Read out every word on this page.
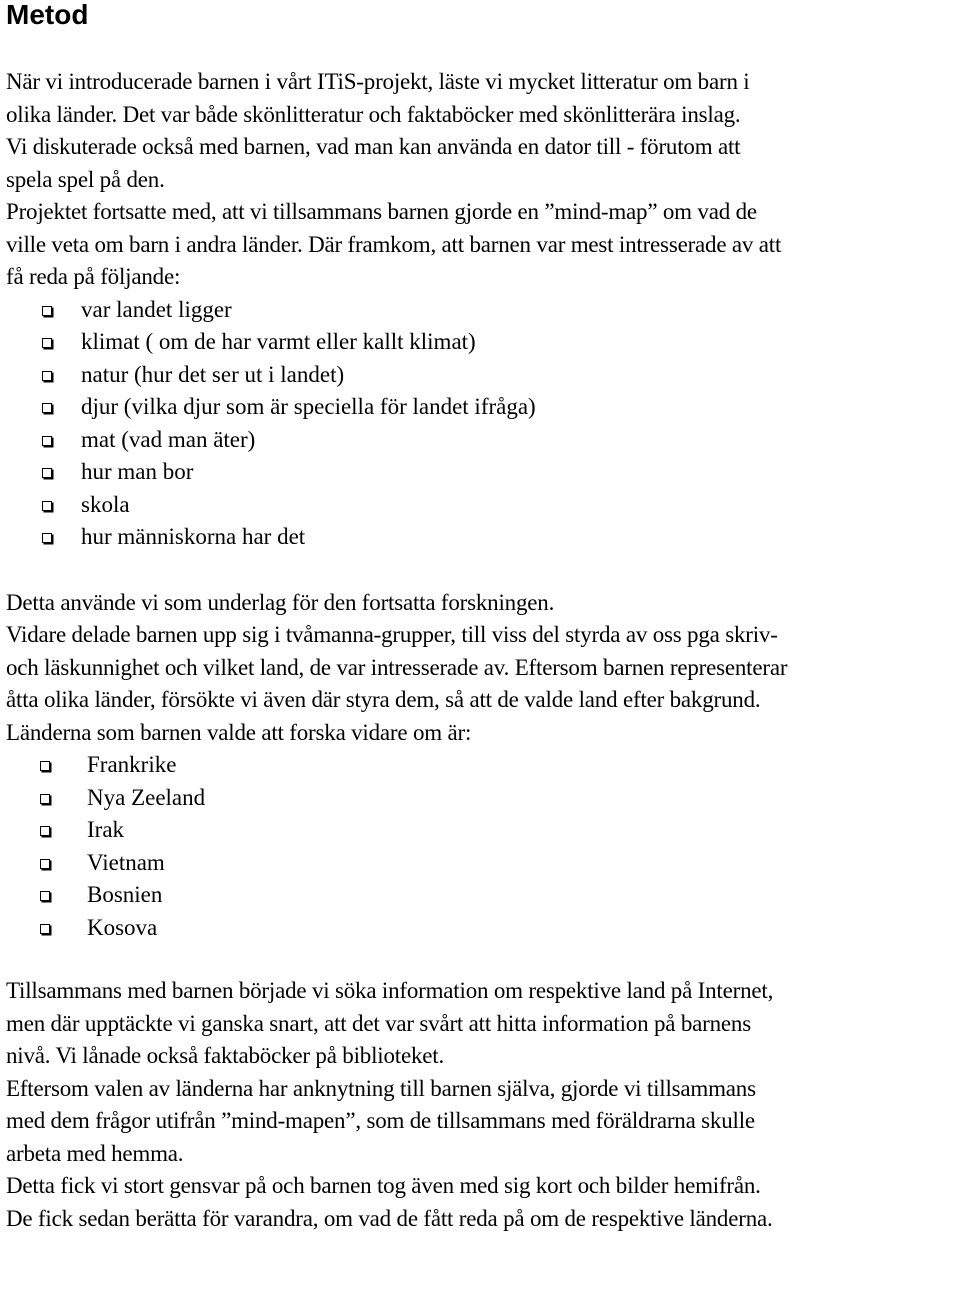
Metod
När vi introducerade barnen i vårt ITiS-projekt, läste vi mycket litteratur om barn i
olika länder. Det var både skönlitteratur och faktaböcker med skönlitterära inslag.
Vi diskuterade också med barnen, vad man kan använda en dator till - förutom att
spela spel på den.
Projektet fortsatte med, att vi tillsammans barnen gjorde en ”mind-map” om vad de
ville veta om barn i andra länder. Där framkom, att barnen var mest intresserade av att
få reda på följande:
var landet ligger
klimat ( om de har varmt eller kallt klimat)
natur (hur det ser ut i landet)
djur (vilka djur som är speciella för landet ifråga)
mat (vad man äter)
hur man bor
skola
hur människorna har det
Detta använde vi som underlag för den fortsatta forskningen.
Vidare delade barnen upp sig i tvåmanna-grupper, till viss del styrda av oss pga skriv-
och läskunnighet och vilket land, de var intresserade av. Eftersom barnen representerar
åtta olika länder, försökte vi även där styra dem, så att de valde land efter bakgrund.
Länderna som barnen valde att forska vidare om är:
Frankrike
Nya Zeeland
Irak
Vietnam
Bosnien
Kosova
Tillsammans med barnen började vi söka information om respektive land på Internet,
men där upptäckte vi ganska snart, att det var svårt att hitta information på barnens
nivå. Vi lånade också faktaböcker på biblioteket.
Eftersom valen av länderna har anknytning till barnen själva, gjorde vi tillsammans
med dem frågor utifrån ”mind-mapen”, som de tillsammans med föräldrarna skulle
arbeta med hemma.
Detta fick vi stort gensvar på och barnen tog även med sig kort och bilder hemifrån.
De fick sedan berätta för varandra, om vad de fått reda på om de respektive länderna.
